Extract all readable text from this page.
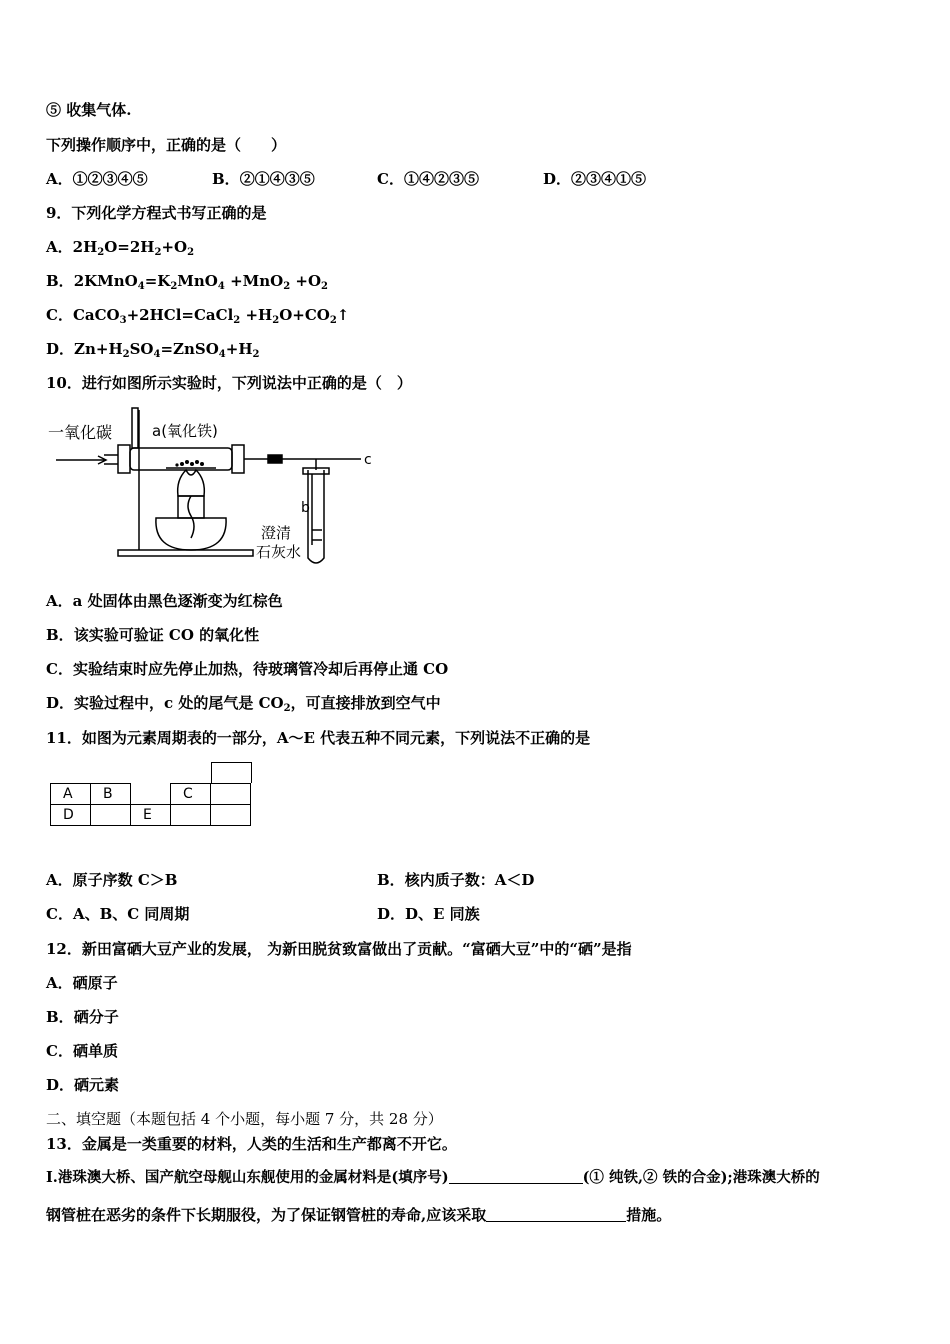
⑤ 收集气体.
下列操作顺序中，正确的是（　　）
A．①②③④⑤	B．②①④③⑤	C．①④②③⑤	D．②③④①⑤
9．下列化学方程式书写正确的是
A．$2H_2O=2H_2+O_2$
B．$2KMnO_4=K_2MnO_4 +MnO_2 +O_2$
C．CaCO$_3$+2HCl=CaCl$_2$ $+H_2O+CO_2↑$
D．$Zn+H_2SO_4=ZnSO_4+H_2$
10．进行如图所示实验时，下列说法中正确的是（　）
一氧化碳	a(氧化铁)
c
b
澄清
石灰水
A．a 处固体由黑色逐渐变为红棕色
B．该实验可验证 CO 的氧化性
C．实验结束时应先停止加热，待玻璃管冷却后再停止通 CO
D．实验过程中，c 处的尾气是 $CO_2$，可直接排放到空气中
11．如图为元素周期表的一部分，A～E 代表五种不同元素，下列说法不正确的是
A	B		C	
D		E		
A．原子序数 C＞B	B．核内质子数：A＜D
C．A、B、C 同周期	D．D、E 同族
12．新田富硒大豆产业的发展， 为新田脱贫致富做出了贡献。“富硒大豆”中的“硒”是指
A．硒原子
B．硒分子
C．硒单质
D．硒元素
二、填空题（本题包括 4 个小题，每小题 7 分，共 28 分）
13．金属是一类重要的材料，人类的生活和生产都离不开它。
I.港珠澳大桥、国产航空母舰山东舰使用的金属材料是(填序号)	(① 纯铁,② 铁的合金);港珠澳大桥的
钢管桩在恶劣的条件下长期服役，为了保证钢管桩的寿命,应该采取	措施。
